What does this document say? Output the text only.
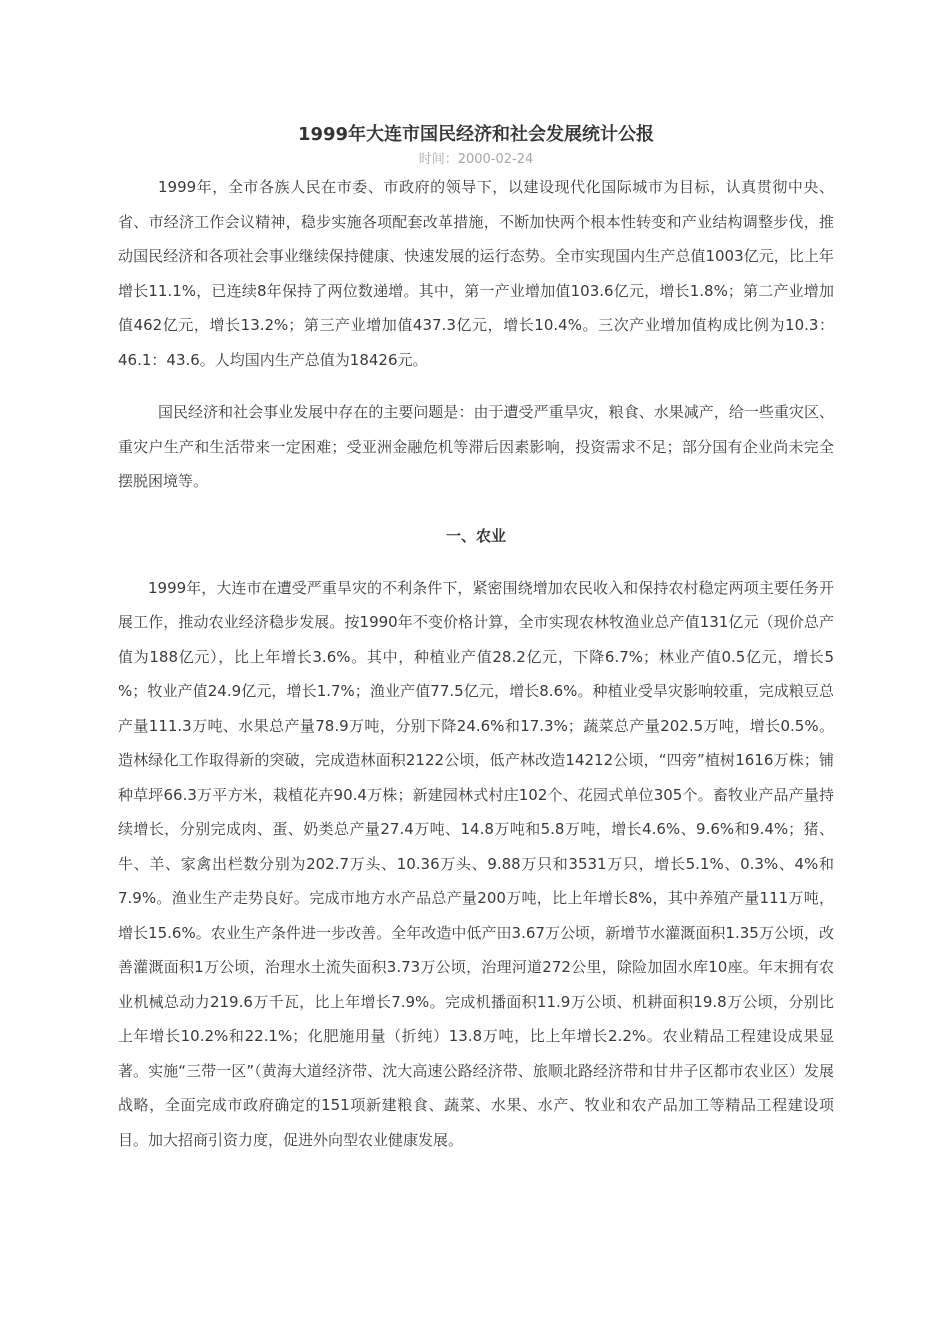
1999年大连市国民经济和社会发展统计公报
时间：2000-02-24

1999年，全市各族人民在市委、市政府的领导下，以建设现代化国际城市为目标，认真贯彻中央、省、市经济工作会议精神，稳步实施各项配套改革措施，不断加快两个根本性转变和产业结构调整步伐，推动国民经济和各项社会事业继续保持健康、快速发展的运行态势。全市实现国内生产总值1003亿元，比上年增长11.1%，已连续8年保持了两位数递增。其中，第一产业增加值103.6亿元，增长1.8%；第二产业增加值462亿元，增长13.2%；第三产业增加值437.3亿元，增长10.4%。三次产业增加值构成比例为10.3：46.1：43.6。人均国内生产总值为18426元。

国民经济和社会事业发展中存在的主要问题是：由于遭受严重旱灾，粮食、水果减产，给一些重灾区、重灾户生产和生活带来一定困难；受亚洲金融危机等滞后因素影响，投资需求不足；部分国有企业尚未完全摆脱困境等。

一、农业

1999年，大连市在遭受严重旱灾的不利条件下，紧密围绕增加农民收入和保持农村稳定两项主要任务开展工作，推动农业经济稳步发展。按1990年不变价格计算，全市实现农林牧渔业总产值131亿元（现价总产值为188亿元），比上年增长3.6%。其中，种植业产值28.2亿元，下降6.7%；林业产值0.5亿元，增长5 %；牧业产值24.9亿元，增长1.7%；渔业产值77.5亿元，增长8.6%。种植业受旱灾影响较重，完成粮豆总产量111.3万吨、水果总产量78.9万吨，分别下降24.6%和17.3%；蔬菜总产量202.5万吨，增长0.5%。造林绿化工作取得新的突破，完成造林面积2122公顷，低产林改造14212公顷，“四旁”植树1616万株；铺种草坪66.3万平方米，栽植花卉90.4万株；新建园林式村庄102个、花园式单位305个。畜牧业产品产量持续增长，分别完成肉、蛋、奶类总产量27.4万吨、14.8万吨和5.8万吨，增长4.6%、9.6%和9.4%；猪、牛、羊、家禽出栏数分别为202.7万头、10.36万头、9.88万只和3531万只，增长5.1%、0.3%、4%和7.9%。渔业生产走势良好。完成市地方水产品总产量200万吨，比上年增长8%，其中养殖产量111万吨，增长15.6%。农业生产条件进一步改善。全年改造中低产田3.67万公顷，新增节水灌溉面积1.35万公顷，改善灌溉面积1万公顷，治理水土流失面积3.73万公顷，治理河道272公里，除险加固水库10座。年末拥有农业机械总动力219.6万千瓦，比上年增长7.9%。完成机播面积11.9万公顷、机耕面积19.8万公顷，分别比上年增长10.2%和22.1%；化肥施用量（折纯）13.8万吨，比上年增长2.2%。农业精品工程建设成果显著。实施“三带一区”（黄海大道经济带、沈大高速公路经济带、旅顺北路经济带和甘井子区都市农业区）发展战略，全面完成市政府确定的151项新建粮食、蔬菜、水果、水产、牧业和农产品加工等精品工程建设项目。加大招商引资力度，促进外向型农业健康发展。
